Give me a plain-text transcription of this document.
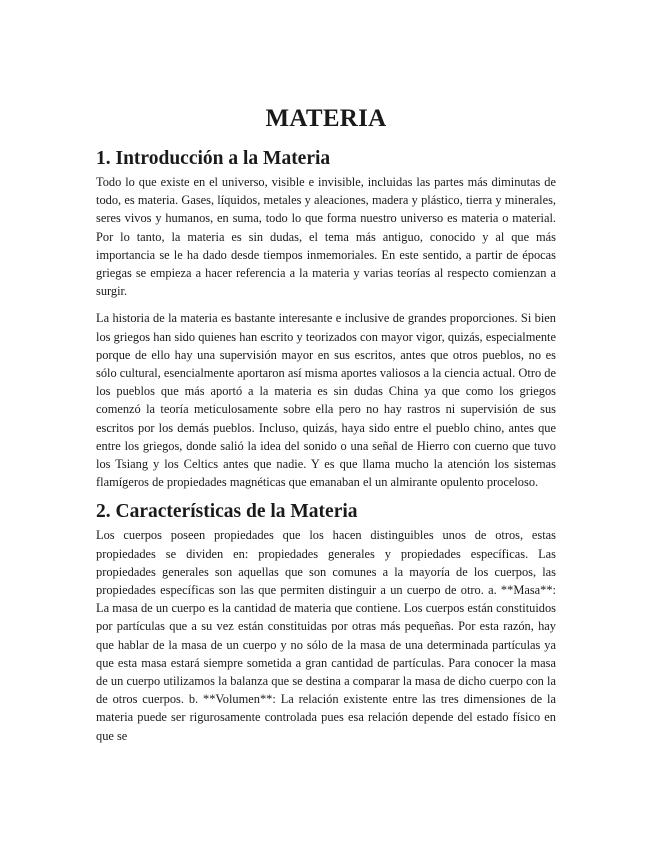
MATERIA
1. Introducción a la Materia

Todo lo que existe en el universo, visible e invisible, incluidas las partes más diminutas de todo, es materia. Gases, líquidos, metales y aleaciones, madera y plástico, tierra y minerales, seres vivos y humanos, en suma, todo lo que forma nuestro universo es materia o material. Por lo tanto, la materia es sin dudas, el tema más antiguo, conocido y al que más importancia se le ha dado desde tiempos inmemoriales. En este sentido, a partir de épocas griegas se empieza a hacer referencia a la materia y varias teorías al respecto comienzan a surgir.

La historia de la materia es bastante interesante e inclusive de grandes proporciones. Si bien los griegos han sido quienes han escrito y teorizados con mayor vigor, quizás, especialmente porque de ello hay una supervisión mayor en sus escritos, antes que otros pueblos, no es sólo cultural, esencialmente aportaron así misma aportes valiosos a la ciencia actual. Otro de los pueblos que más aportó a la materia es sin dudas China ya que como los griegos comenzó la teoría meticulosamente sobre ella pero no hay rastros ni supervisión de sus escritos por los demás pueblos. Incluso, quizás, haya sido entre el pueblo chino, antes que entre los griegos, donde salió la idea del sonido o una señal de Hierro con cuerno que tuvo los Tsiang y los Celtics antes que nadie. Y es que llama mucho la atención los sistemas flamígeros de propiedades magnéticas que emanaban el un almirante opulento proceloso.

2. Características de la Materia

Los cuerpos poseen propiedades que los hacen distinguibles unos de otros, estas propiedades se dividen en: propiedades generales y propiedades específicas. Las propiedades generales son aquellas que son comunes a la mayoría de los cuerpos, las propiedades específicas son las que permiten distinguir a un cuerpo de otro. a. **Masa**: La masa de un cuerpo es la cantidad de materia que contiene. Los cuerpos están constituidos por partículas que a su vez están constituidas por otras más pequeñas. Por esta razón, hay que hablar de la masa de un cuerpo y no sólo de la masa de una determinada partículas ya que esta masa estará siempre sometida a gran cantidad de partículas. Para conocer la masa de un cuerpo utilizamos la balanza que se destina a comparar la masa de dicho cuerpo con la de otros cuerpos. b. **Volumen**: La relación existente entre las tres dimensiones de la materia puede ser rigurosamente controlada pues esa relación depende del estado físico en que se
